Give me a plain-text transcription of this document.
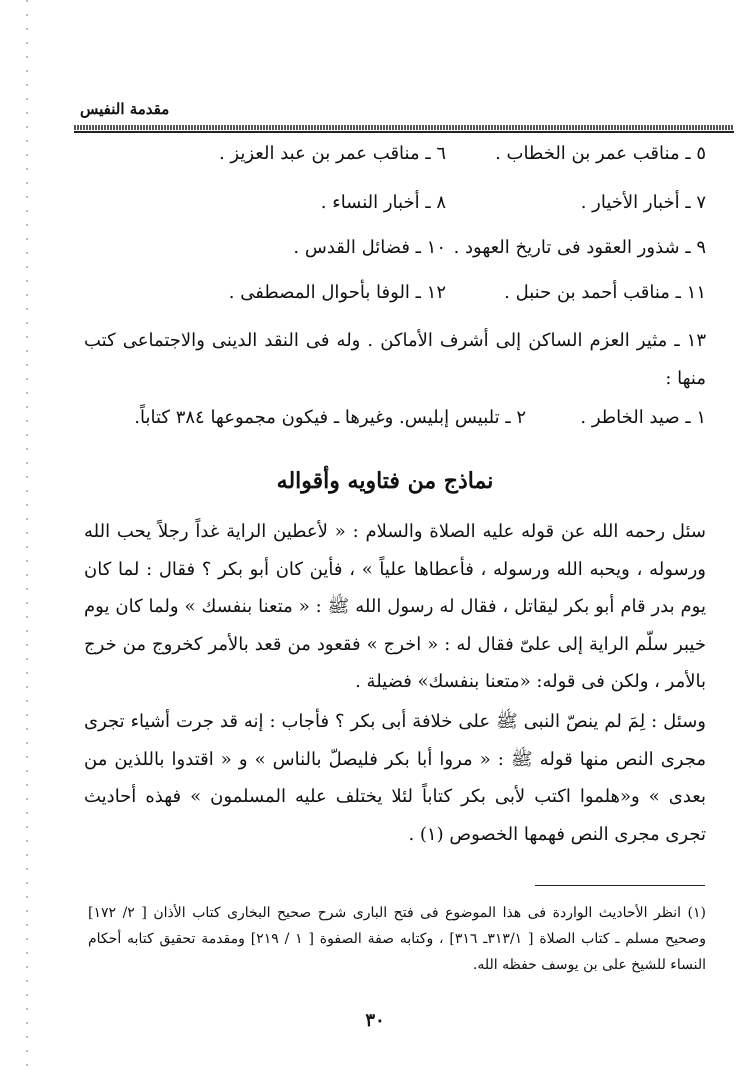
مقدمة النفيس
٥ ـ مناقب عمر بن الخطاب .
٦ ـ مناقب عمر بن عبد العزيز .
٧ ـ أخبار الأخيار .
٨ ـ أخبار النساء .
٩ ـ شذور العقود فى تاريخ العهود .
١٠ ـ فضائل القدس .
١١ ـ مناقب أحمد بن حنبل .
١٢ ـ الوفا بأحوال المصطفى .
١٣ ـ مثير العزم الساكن إلى أشرف الأماكن . وله فى النقد الدينى والاجتماعى كتب منها :
١ ـ صيد الخاطر .
٢ ـ تلبيس إبليس. وغيرها ـ فيكون مجموعها ٣٨٤ كتاباً.
نماذج من فتاويه وأقواله
سئل رحمه الله عن قوله عليه الصلاة والسلام : « لأعطين الراية غداً رجلاً يحب الله ورسوله ، ويحبه الله ورسوله ، فأعطاها علياً » ، فأين كان أبو بكر ؟ فقال : لما كان يوم بدر قام أبو بكر ليقاتل ، فقال له رسول الله ﷺ : « متعنا بنفسك » ولما كان يوم خيبر سلّم الراية إلى علىّ فقال له : « اخرج » فقعود من قعد بالأمر كخروج من خرج بالأمر ، ولكن فى قوله: «متعنا بنفسك» فضيلة .
وسئل : لِمَ لم ينصّ النبى ﷺ على خلافة أبى بكر ؟ فأجاب : إنه قد جرت أشياء تجرى مجرى النص منها قوله ﷺ : « مروا أبا بكر فليصلّ بالناس » و « اقتدوا باللذين من بعدى » و«هلموا اكتب لأبى بكر كتاباً لئلا يختلف عليه المسلمون » فهذه أحاديث تجرى مجرى النص فهمها الخصوص (١) .
(١) انظر الأحاديث الواردة فى هذا الموضوع فى فتح البارى شرح صحيح البخارى كتاب الأذان [ ٢/ ١٧٢] وصحيح مسلم ـ كتاب الصلاة [ ٣١٣/١ـ ٣١٦] ، وكتابه صفة الصفوة [ ١ / ٢١٩] ومقدمة تحقيق كتابه أحكام النساء للشيخ على بن يوسف حفظه الله.
٣٠
